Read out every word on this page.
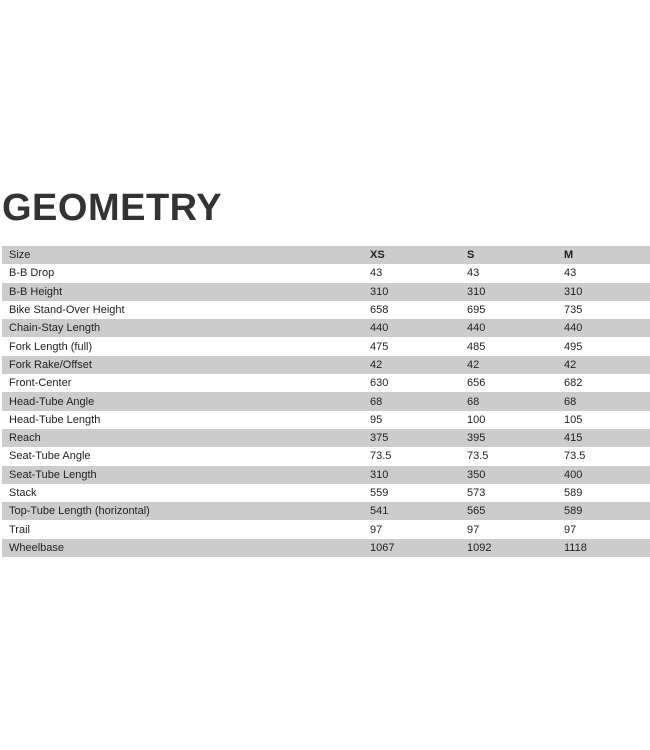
GEOMETRY
Size	XS	S	M
B-B Drop	43	43	43
B-B Height	310	310	310
Bike Stand-Over Height	658	695	735
Chain-Stay Length	440	440	440
Fork Length (full)	475	485	495
Fork Rake/Offset	42	42	42
Front-Center	630	656	682
Head-Tube Angle	68	68	68
Head-Tube Length	95	100	105
Reach	375	395	415
Seat-Tube Angle	73.5	73.5	73.5
Seat-Tube Length	310	350	400
Stack	559	573	589
Top-Tube Length (horizontal)	541	565	589
Trail	97	97	97
Wheelbase	1067	1092	1118
